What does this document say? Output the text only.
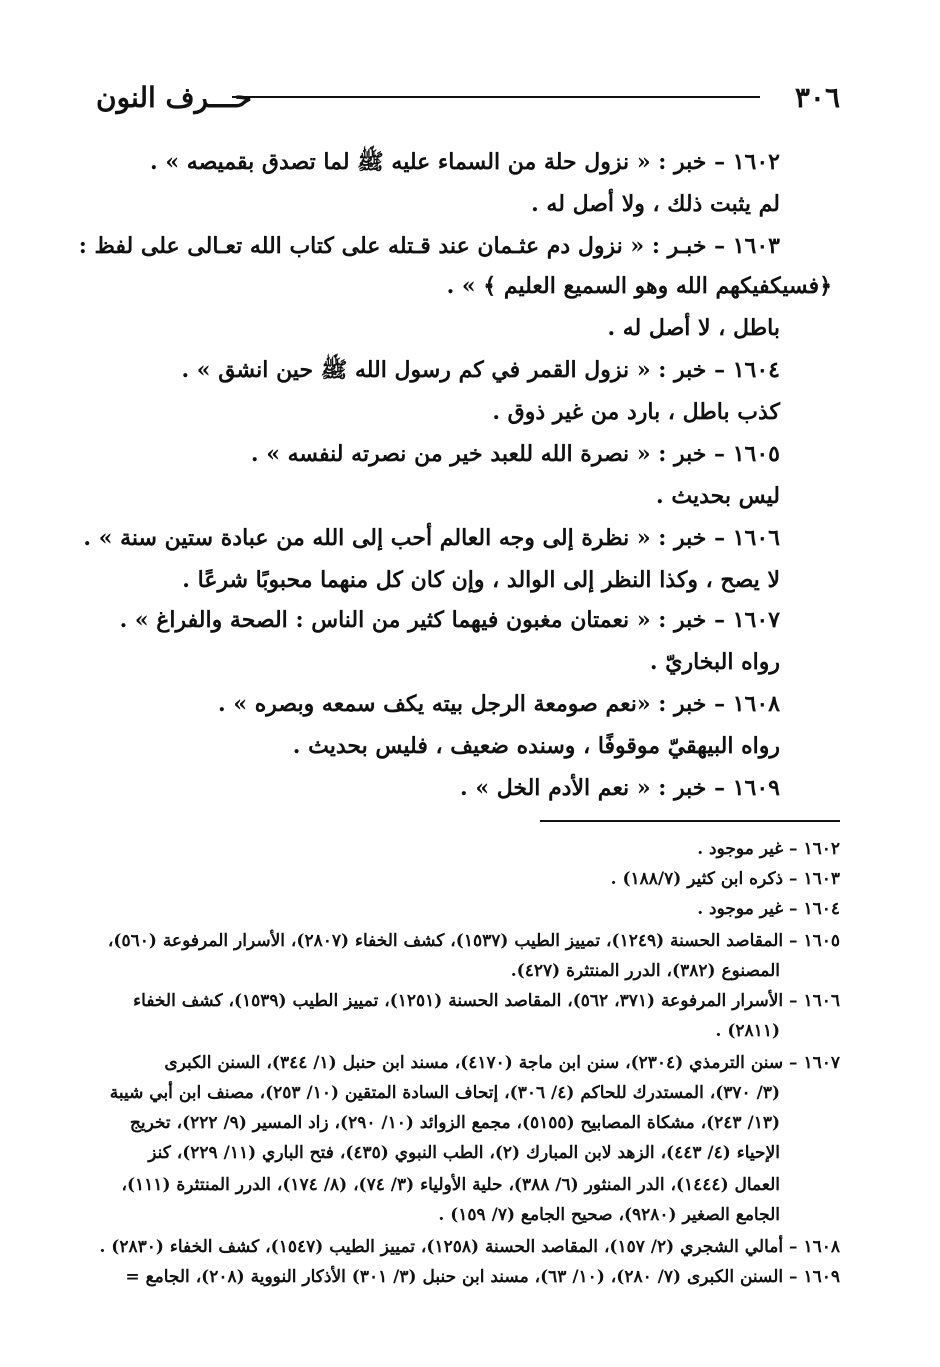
٣٠٦
حـــرف النون
١٦٠٢ – خبر : « نزول حلة من السماء عليه ﷺ لما تصدق بقميصه » .
لم يثبت ذلك ، ولا أصل له .
١٦٠٣ – خبـر : « نزول دم عثـمان عند قـتله على كتاب الله تعـالى على لفظ :
﴿فسيكفيكهم الله وهو السميع العليم ﴾ » .
باطل ، لا أصل له .
١٦٠٤ – خبر : « نزول القمر في كم رسول الله ﷺ حين انشق » .
كذب باطل ، بارد من غير ذوق .
١٦٠٥ – خبر : « نصرة الله للعبد خير من نصرته لنفسه » .
ليس بحديث .
١٦٠٦ – خبر : « نظرة إلى وجه العالم أحب إلى الله من عبادة ستين سنة » .
لا يصح ، وكذا النظر إلى الوالد ، وإن كان كل منهما محبوبًا شرعًا .
١٦٠٧ – خبر : « نعمتان مغبون فيهما كثير من الناس : الصحة والفراغ » .
رواه البخاريّ .
١٦٠٨ – خبر : «نعم صومعة الرجل بيته يكف سمعه وبصره » .
رواه البيهقيّ موقوفًا ، وسنده ضعيف ، فليس بحديث .
١٦٠٩ – خبر : « نعم الأدم الخل » .
١٦٠٢ – غير موجود .
١٦٠٣ – ذكره ابن كثير (١٨٨/٧) .
١٦٠٤ – غير موجود .
١٦٠٥ – المقاصد الحسنة (١٢٤٩)، تمييز الطيب (١٥٣٧)، كشف الخفاء (٢٨٠٧)، الأسرار المرفوعة (٥٦٠)،
المصنوع (٣٨٢)، الدرر المنتثرة (٤٢٧).
١٦٠٦ – الأسرار المرفوعة (٣٧١، ٥٦٢)، المقاصد الحسنة (١٢٥١)، تمييز الطيب (١٥٣٩)، كشف الخفاء
(٢٨١١) .
١٦٠٧ – سنن الترمذي (٢٣٠٤)، سنن ابن ماجة (٤١٧٠)، مسند ابن حنبل (١/ ٣٤٤)، السنن الكبرى
(٣/ ٣٧٠)، المستدرك للحاكم (٤/ ٣٠٦)، إتحاف السادة المتقين (١٠/ ٢٥٣)، مصنف ابن أبي شيبة
(١٣/ ٢٤٣)، مشكاة المصابيح (٥١٥٥)، مجمع الزوائد (١٠/ ٢٩٠)، زاد المسير (٩/ ٢٢٢)، تخريج
الإحياء (٤/ ٤٤٣)، الزهد لابن المبارك (٢)، الطب النبوي (٤٣٥)، فتح الباري (١١/ ٢٢٩)، كنز
العمال (١٤٤٤)، الدر المنثور (٦/ ٣٨٨)، حلية الأولياء (٣/ ٧٤)، (٨/ ١٧٤)، الدرر المنتثرة (١١١)،
الجامع الصغير (٩٢٨٠)، صحيح الجامع (٧/ ١٥٩) .
١٦٠٨ – أمالي الشجري (٢/ ١٥٧)، المقاصد الحسنة (١٢٥٨)، تمييز الطيب (١٥٤٧)، كشف الخفاء (٢٨٣٠) .
١٦٠٩ – السنن الكبرى (٧/ ٢٨٠)، (١٠/ ٦٣)، مسند ابن حنبل (٣/ ٣٠١) الأذكار النووية (٢٠٨)، الجامع =
